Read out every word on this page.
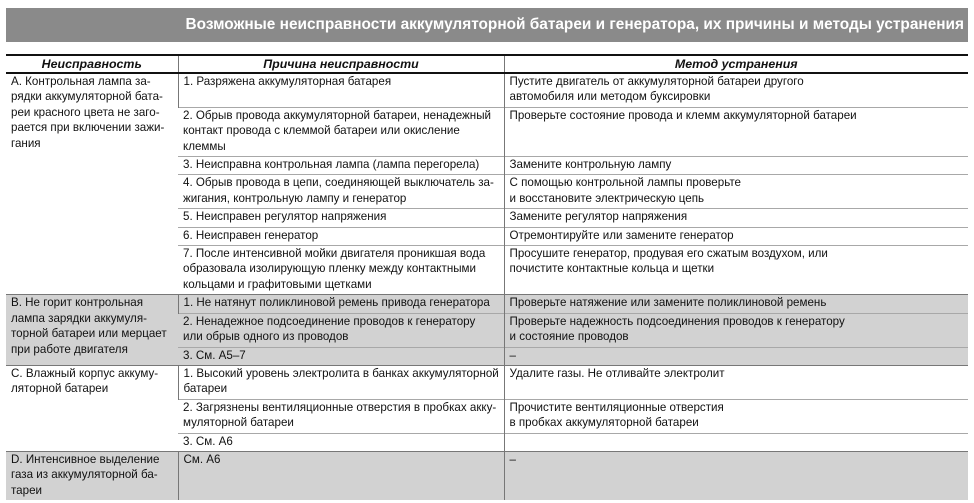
Возможные неисправности аккумуляторной батареи и генератора, их причины и методы устранения
Неисправность	Причина неисправности	Метод устранения

А. Контрольная лампа за-
рядки аккумуляторной бата-
реи красного цвета не заго-
рается при включении зажи-
гания	1. Разряжена аккумуляторная батарея	Пустите двигатель от аккумуляторной батареи другого
автомобиля или методом буксировки

	2. Обрыв провода аккумуляторной батареи, ненадежный
контакт провода с клеммой батареи или окисление клеммы	Проверьте состояние провода и клемм аккумуляторной батареи

	3. Неисправна контрольная лампа (лампа перегорела)	Замените контрольную лампу

	4. Обрыв провода в цепи, соединяющей выключатель за-
жигания, контрольную лампу и генератор	С помощью контрольной лампы проверьте
и восстановите электрическую цепь

	5. Неисправен регулятор напряжения	Замените регулятор напряжения

	6. Неисправен генератор	Отремонтируйте или замените генератор

	7. После интенсивной мойки двигателя проникшая вода
образовала изолирующую пленку между контактными
кольцами и графитовыми щетками	Просушите генератор, продувая его сжатым воздухом, или
почистите контактные кольца и щетки

B. Не горит контрольная
лампа зарядки аккумуля-
торной батареи или мерцает
при работе двигателя	1. Не натянут поликлиновой ремень привода генератора	Проверьте натяжение или замените поликлиновой ремень

	2. Ненадежное подсоединение проводов к генератору
или обрыв одного из проводов	Проверьте надежность подсоединения проводов к генератору
и состояние проводов

	3. См. А5–7	–

С. Влажный корпус аккуму-
ляторной батареи	1. Высокий уровень электролита в банках аккумуляторной
батареи	Удалите газы. Не отливайте электролит

	2. Загрязнены вентиляционные отверстия в пробках акку-
муляторной батареи	Прочистите вентиляционные отверстия
в пробках аккумуляторной батареи

	3. См. А6	

D. Интенсивное выделение
газа из аккумуляторной ба-
тареи	См. А6	–
